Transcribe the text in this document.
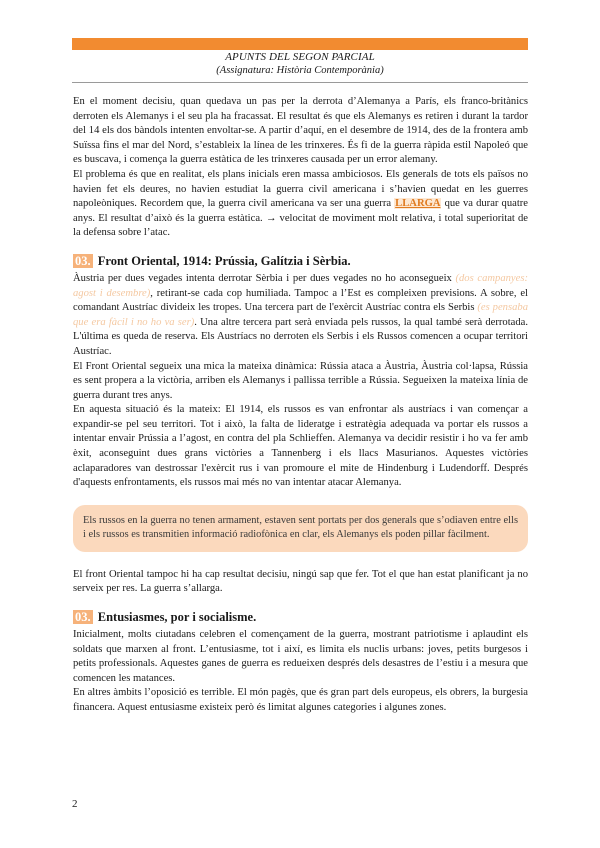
APUNTS DEL SEGON PARCIAL
(Assignatura: Història Contemporània)

En el moment decisiu, quan quedava un pas per la derrota d’Alemanya a París, els franco-britànics derroten els Alemanys i el seu pla ha fracassat. El resultat és que els Alemanys es retiren i durant la tardor del 14 els dos bàndols intenten envoltar-se. A partir d’aquí, en el desembre de 1914, des de la frontera amb Suïssa fins el mar del Nord, s’estableix la línea de les trinxeres. És fi de la guerra ràpida estil Napoleó que es buscava, i comença la guerra estàtica de les trinxeres causada per un error alemany.

El problema és que en realitat, els plans inicials eren massa ambiciosos. Els generals de tots els països no havien fet els deures, no havien estudiat la guerra civil americana i s’havien quedat en les guerres napoleòniques. Recordem que, la guerra civil americana va ser una guerra LLARGA que va durar quatre anys. El resultat d’això és la guerra estàtica. → velocitat de moviment molt relativa, i total superioritat de la defensa sobre l’atac.

03. Front Oriental, 1914: Prússia, Galítzia i Sèrbia.

Àustria per dues vegades intenta derrotar Sèrbia i per dues vegades no ho aconsegueix (dos campanyes: agost i desembre), retirant-se cada cop humiliada. Tampoc a l’Est es compleixen previsions. A sobre, el comandant Austríac divideix les tropes. Una tercera part de l'exèrcit Austríac contra els Serbis (es pensaba que era fàcil i no ho va ser). Una altre tercera part serà enviada pels russos, la qual també serà derrotada. L'última es queda de reserva. Els Austríacs no derroten els Serbis i els Russos comencen a ocupar territori Austríac.

El Front Oriental segueix una mica la mateixa dinàmica: Rússia ataca a Àustria, Àustria col·lapsa, Rússia es sent propera a la victòria, arriben els Alemanys i pallissa terrible a Rússia. Segueixen la mateixa línia de guerra durant tres anys.

En aquesta situació és la mateix: El 1914, els russos es van enfrontar als austríacs i van començar a expandir-se pel seu territori. Tot i això, la falta de lideratge i estratègia adequada va portar els russos a intentar envair Prússia a l’agost, en contra del pla Schlieffen. Alemanya va decidir resistir i ho va fer amb èxit, aconseguint dues grans victòries a Tannenberg i els llacs Masurianos. Aquestes victòries aclaparadores van destrossar l'exèrcit rus i van promoure el mite de Hindenburg i Ludendorff. Després d'aquests enfrontaments, els russos mai més no van intentar atacar Alemanya.

Els russos en la guerra no tenen armament, estaven sent portats per dos generals que s’odiaven entre ells i els russos es transmitien informació radiofònica en clar, els Alemanys els poden pillar fàcilment.

El front Oriental tampoc hi ha cap resultat decisiu, ningú sap que fer. Tot el que han estat planificant ja no serveix per res. La guerra s’allarga.

03. Entusiasmes, por i socialisme.

Inicialment, molts ciutadans celebren el començament de la guerra, mostrant patriotisme i aplaudint els soldats que marxen al front. L’entusiasme, tot i així, es limita els nuclis urbans: joves, petits burgesos i petits professionals. Aquestes ganes de guerra es redueixen després dels desastres de l’estiu i a mesura que comencen les matances.

En altres àmbits l’oposició es terrible. El món pagès, que és gran part dels europeus, els obrers, la burgesia financera. Aquest entusiasme existeix però és limitat algunes categories i algunes zones.

2
